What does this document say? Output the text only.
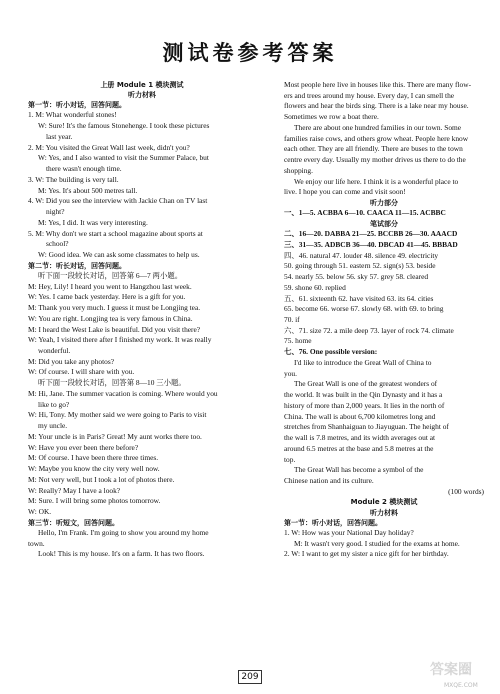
测试卷参考答案
上册 Module 1 模块测试
听力材料
第一节：听小对话，回答问题。
1. M: What wonderful stones!
W: Sure! It's the famous Stonehenge. I took these pictures
last year.
2. M: You visited the Great Wall last week, didn't you?
W: Yes, and I also wanted to visit the Summer Palace, but
there wasn't enough time.
3. W: The building is very tall.
M: Yes. It's about 500 metres tall.
4. W: Did you see the interview with Jackie Chan on TV last
night?
M: Yes, I did. It was very interesting.
5. M: Why don't we start a school magazine about sports at
school?
W: Good idea. We can ask some classmates to help us.
第二节：听长对话，回答问题。
听下面一段较长对话，回答第 6—7 两小题。
M: Hey, Lily! I heard you went to Hangzhou last week.
W: Yes. I came back yesterday. Here is a gift for you.
M: Thank you very much. I guess it must be Longjing tea.
W: You are right. Longjing tea is very famous in China.
M: I heard the West Lake is beautiful. Did you visit there?
W: Yeah, I visited there after I finished my work. It was really
wonderful.
M: Did you take any photos?
W: Of course. I will share with you.
听下面一段较长对话，回答第 8—10 三小题。
M: Hi, Jane. The summer vacation is coming. Where would you
like to go?
W: Hi, Tony. My mother said we were going to Paris to visit
my uncle.
M: Your uncle is in Paris? Great! My aunt works there too.
W: Have you ever been there before?
M: Of course. I have been there three times.
W: Maybe you know the city very well now.
M: Not very well, but I took a lot of photos there.
W: Really? May I have a look?
M: Sure. I will bring some photos tomorrow.
W: OK.
第三节：听短文，回答问题。
Hello, I'm Frank. I'm going to show you around my home
town.
Look! This is my house. It's on a farm. It has two floors.
Most people here live in houses like this. There are many flow-
ers and trees around my house. Every day, I can smell the
flowers and hear the birds sing. There is a lake near my house.
Sometimes we row a boat there.
There are about one hundred families in our town. Some
families raise cows, and others grow wheat. People here know
each other. They are all friendly. There are buses to the town
centre every day. Usually my mother drives us there to do the
shopping.
We enjoy our life here. I think it is a wonderful place to
live. I hope you can come and visit soon!
听力部分
一、1—5. ACBBA 6—10. CAACA 11—15. ACBBC
笔试部分
二、16—20. DABBA 21—25. BCCBB 26—30. AAACD
三、31—35. ADBCB 36—40. DBCAD 41—45. BBBAD
四、46. natural 47. louder 48. silence 49. electricity
50. going through 51. eastern 52. sign(s) 53. beside
54. nearly 55. below 56. sky 57. grey 58. cleared
59. shone 60. replied
五、61. sixteenth 62. have visited 63. its 64. cities
65. become 66. worse 67. slowly 68. with 69. to bring
70. if
六、71. size 72. a mile deep 73. layer of rock 74. climate
75. home
七、76. One possible version:
I'd like to introduce the Great Wall of China to
you.
The Great Wall is one of the greatest wonders of
the world. It was built in the Qin Dynasty and it has a
history of more than 2,000 years. It lies in the north of
China. The wall is about 6,700 kilometres long and
stretches from Shanhaiguan to Jiayuguan. The height of
the wall is 7.8 metres, and its width averages out at
around 6.5 metres at the base and 5.8 metres at the
top.
The Great Wall has become a symbol of the
Chinese nation and its culture.
(100 words)
Module 2 模块测试
听力材料
第一节：听小对话，回答问题。
1. W: How was your National Day holiday?
M: It wasn't very good. I studied for the exams at home.
2. W: I want to get my sister a nice gift for her birthday.
209	答案圈
MXQE.COM
